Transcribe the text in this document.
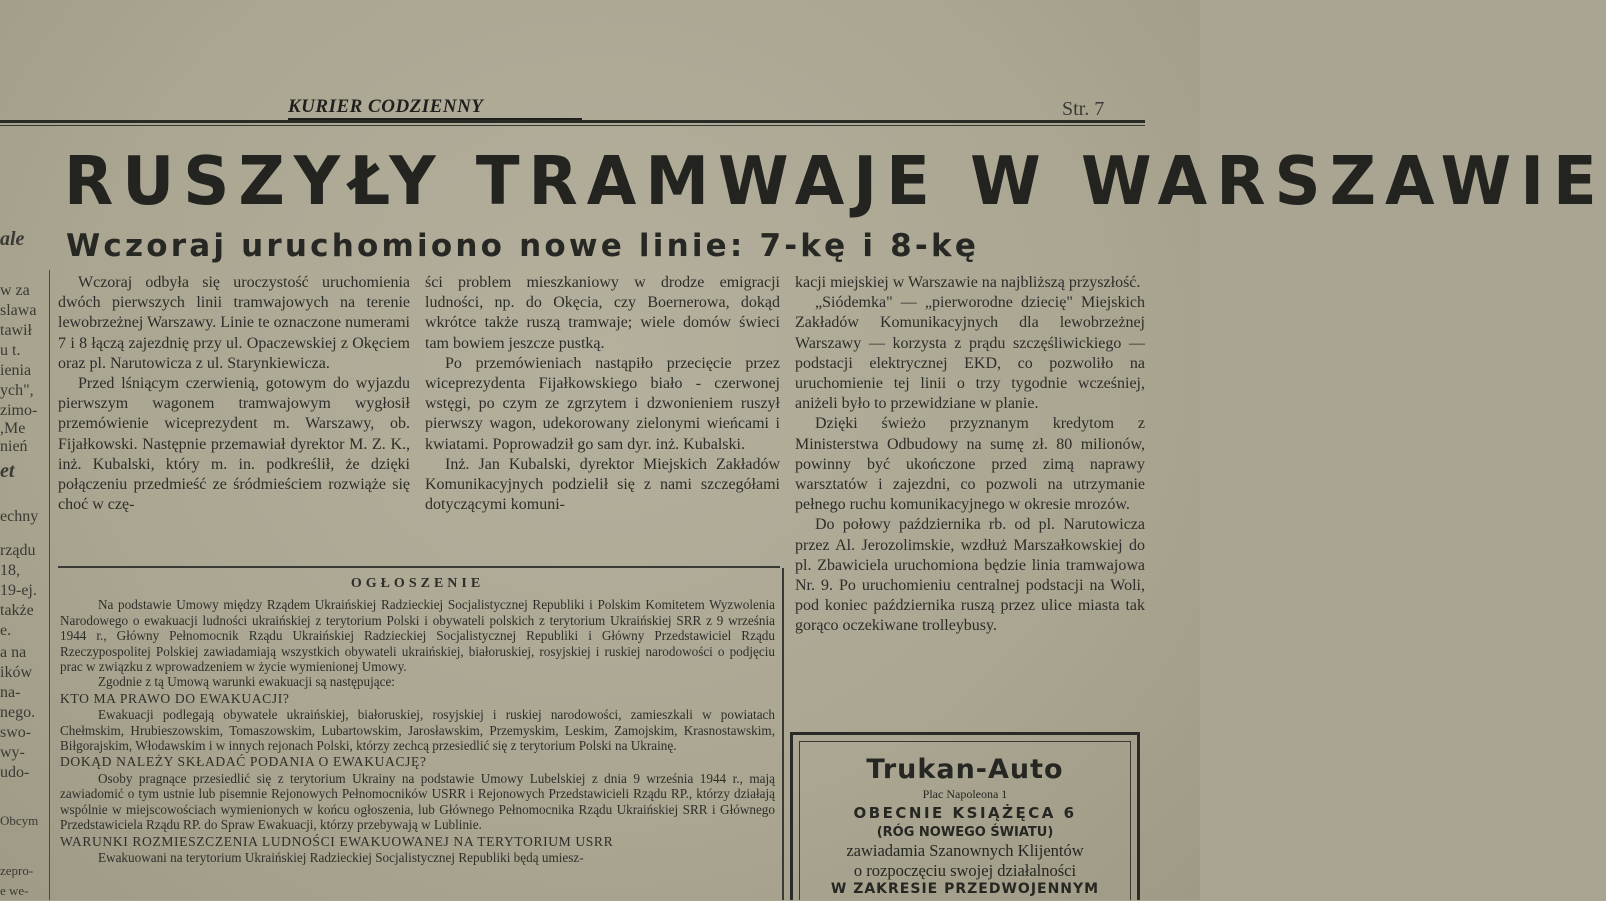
KURIER CODZIENNY	Str. 7
RUSZYŁY TRAMWAJE W WARSZAWIE
Wczoraj uruchomiono nowe linie: 7-kę i 8-kę
ale
w za
slawa
tawił
u t.
ienia
ych",
zimo-
,Me
nień
et
echny
rządu
18,
19-ej.
także
e.
a na
ików
na-
nego.
swo-
wy-
udo-
Obcym
zepro-
e we-

Wczoraj odbyła się uroczystość uruchomienia dwóch pierwszych linii tramwajowych na terenie lewobrzeżnej Warszawy. Linie te oznaczone numerami 7 i 8 łączą zajezdnię przy ul. Opaczewskiej z Okęciem oraz pl. Narutowicza z ul. Starynkiewicza.

Przed lśniącym czerwienią, gotowym do wyjazdu pierwszym wagonem tramwajowym wygłosił przemówienie wiceprezydent m. Warszawy, ob. Fijałkowski. Następnie przemawiał dyrektor M. Z. K., inż. Kubalski, który m. in. podkreślił, że dzięki połączeniu przedmieść ze śródmieściem rozwiąże się choć w czę-

ści problem mieszkaniowy w drodze emigracji ludności, np. do Okęcia, czy Boernerowa, dokąd wkrótce także ruszą tramwaje; wiele domów świeci tam bowiem jeszcze pustką.

Po przemówieniach nastąpiło przecięcie przez wiceprezydenta Fijałkowskiego biało - czerwonej wstęgi, po czym ze zgrzytem i dzwonieniem ruszył pierwszy wagon, udekorowany zielonymi wieńcami i kwiatami. Poprowadził go sam dyr. inż. Kubalski.

Inż. Jan Kubalski, dyrektor Miejskich Zakładów Komunikacyjnych podzielił się z nami szczegółami dotyczącymi komuni-

kacji miejskiej w Warszawie na najbliższą przyszłość.

„Siódemka" — „pierworodne dziecię" Miejskich Zakładów Komunikacyjnych dla lewobrzeżnej Warszawy — korzysta z prądu szczęśliwickiego — podstacji elektrycznej EKD, co pozwoliło na uruchomienie tej linii o trzy tygodnie wcześniej, aniżeli było to przewidziane w planie.

Dzięki świeżo przyznanym kredytom z Ministerstwa Odbudowy na sumę zł. 80 milionów, powinny być ukończone przed zimą naprawy warsztatów i zajezdni, co pozwoli na utrzymanie pełnego ruchu komunikacyjnego w okresie mrozów.

Do połowy października rb. od pl. Narutowicza przez Al. Jerozolimskie, wzdłuż Marszałkowskiej do pl. Zbawiciela uruchomiona będzie linia tramwajowa Nr. 9. Po uruchomieniu centralnej podstacji na Woli, pod koniec października ruszą przez ulice miasta tak gorąco oczekiwane trolleybusy.

OGŁOSZENIE

Na podstawie Umowy między Rządem Ukraińskiej Radzieckiej Socjalistycznej Republiki i Polskim Komitetem Wyzwolenia Narodowego o ewakuacji ludności ukraińskiej z terytorium Polski i obywateli polskich z terytorium Ukraińskiej SRR z 9 września 1944 r., Główny Pełnomocnik Rządu Ukraińskiej Radzieckiej Socjalistycznej Republiki i Główny Przedstawiciel Rządu Rzeczypospolitej Polskiej zawiadamiają wszystkich obywateli ukraińskiej, białoruskiej, rosyjskiej i ruskiej narodowości o podjęciu prac w związku z wprowadzeniem w życie wymienionej Umowy.

Zgodnie z tą Umową warunki ewakuacji są następujące:

KTO MA PRAWO DO EWAKUACJI?

Ewakuacji podlegają obywatele ukraińskiej, białoruskiej, rosyjskiej i ruskiej narodowości, zamieszkali w powiatach Chełmskim, Hrubieszowskim, Tomaszowskim, Lubartowskim, Jarosławskim, Przemyskim, Leskim, Zamojskim, Krasnostawskim, Biłgorajskim, Włodawskim i w innych rejonach Polski, którzy zechcą przesiedlić się z terytorium Polski na Ukrainę.

DOKĄD NALEŻY SKŁADAĆ PODANIA O EWAKUACJĘ?

Osoby pragnące przesiedlić się z terytorium Ukrainy na podstawie Umowy Lubelskiej z dnia 9 września 1944 r., mają zawiadomić o tym ustnie lub pisemnie Rejonowych Pełnomocników USRR i Rejonowych Przedstawicieli Rządu RP., którzy działają wspólnie w miejscowościach wymienionych w końcu ogłoszenia, lub Głównego Pełnomocnika Rządu Ukraińskiej SRR i Głównego Przedstawiciela Rządu RP. do Spraw Ewakuacji, którzy przebywają w Lublinie.

WARUNKI ROZMIESZCZENIA LUDNOŚCI EWAKUOWANEJ NA TERYTORIUM USRR

Ewakuowani na terytorium Ukraińskiej Radzieckiej Socjalistycznej Republiki będą umiesz-

Trukan-Auto
Plac Napoleona 1
OBECNIE KSIĄŻĘCA 6
(RÓG NOWEGO ŚWIATU)
zawiadamia Szanownych Klijentów
o rozpoczęciu swojej działalności
W ZAKRESIE PRZEDWOJENNYM
